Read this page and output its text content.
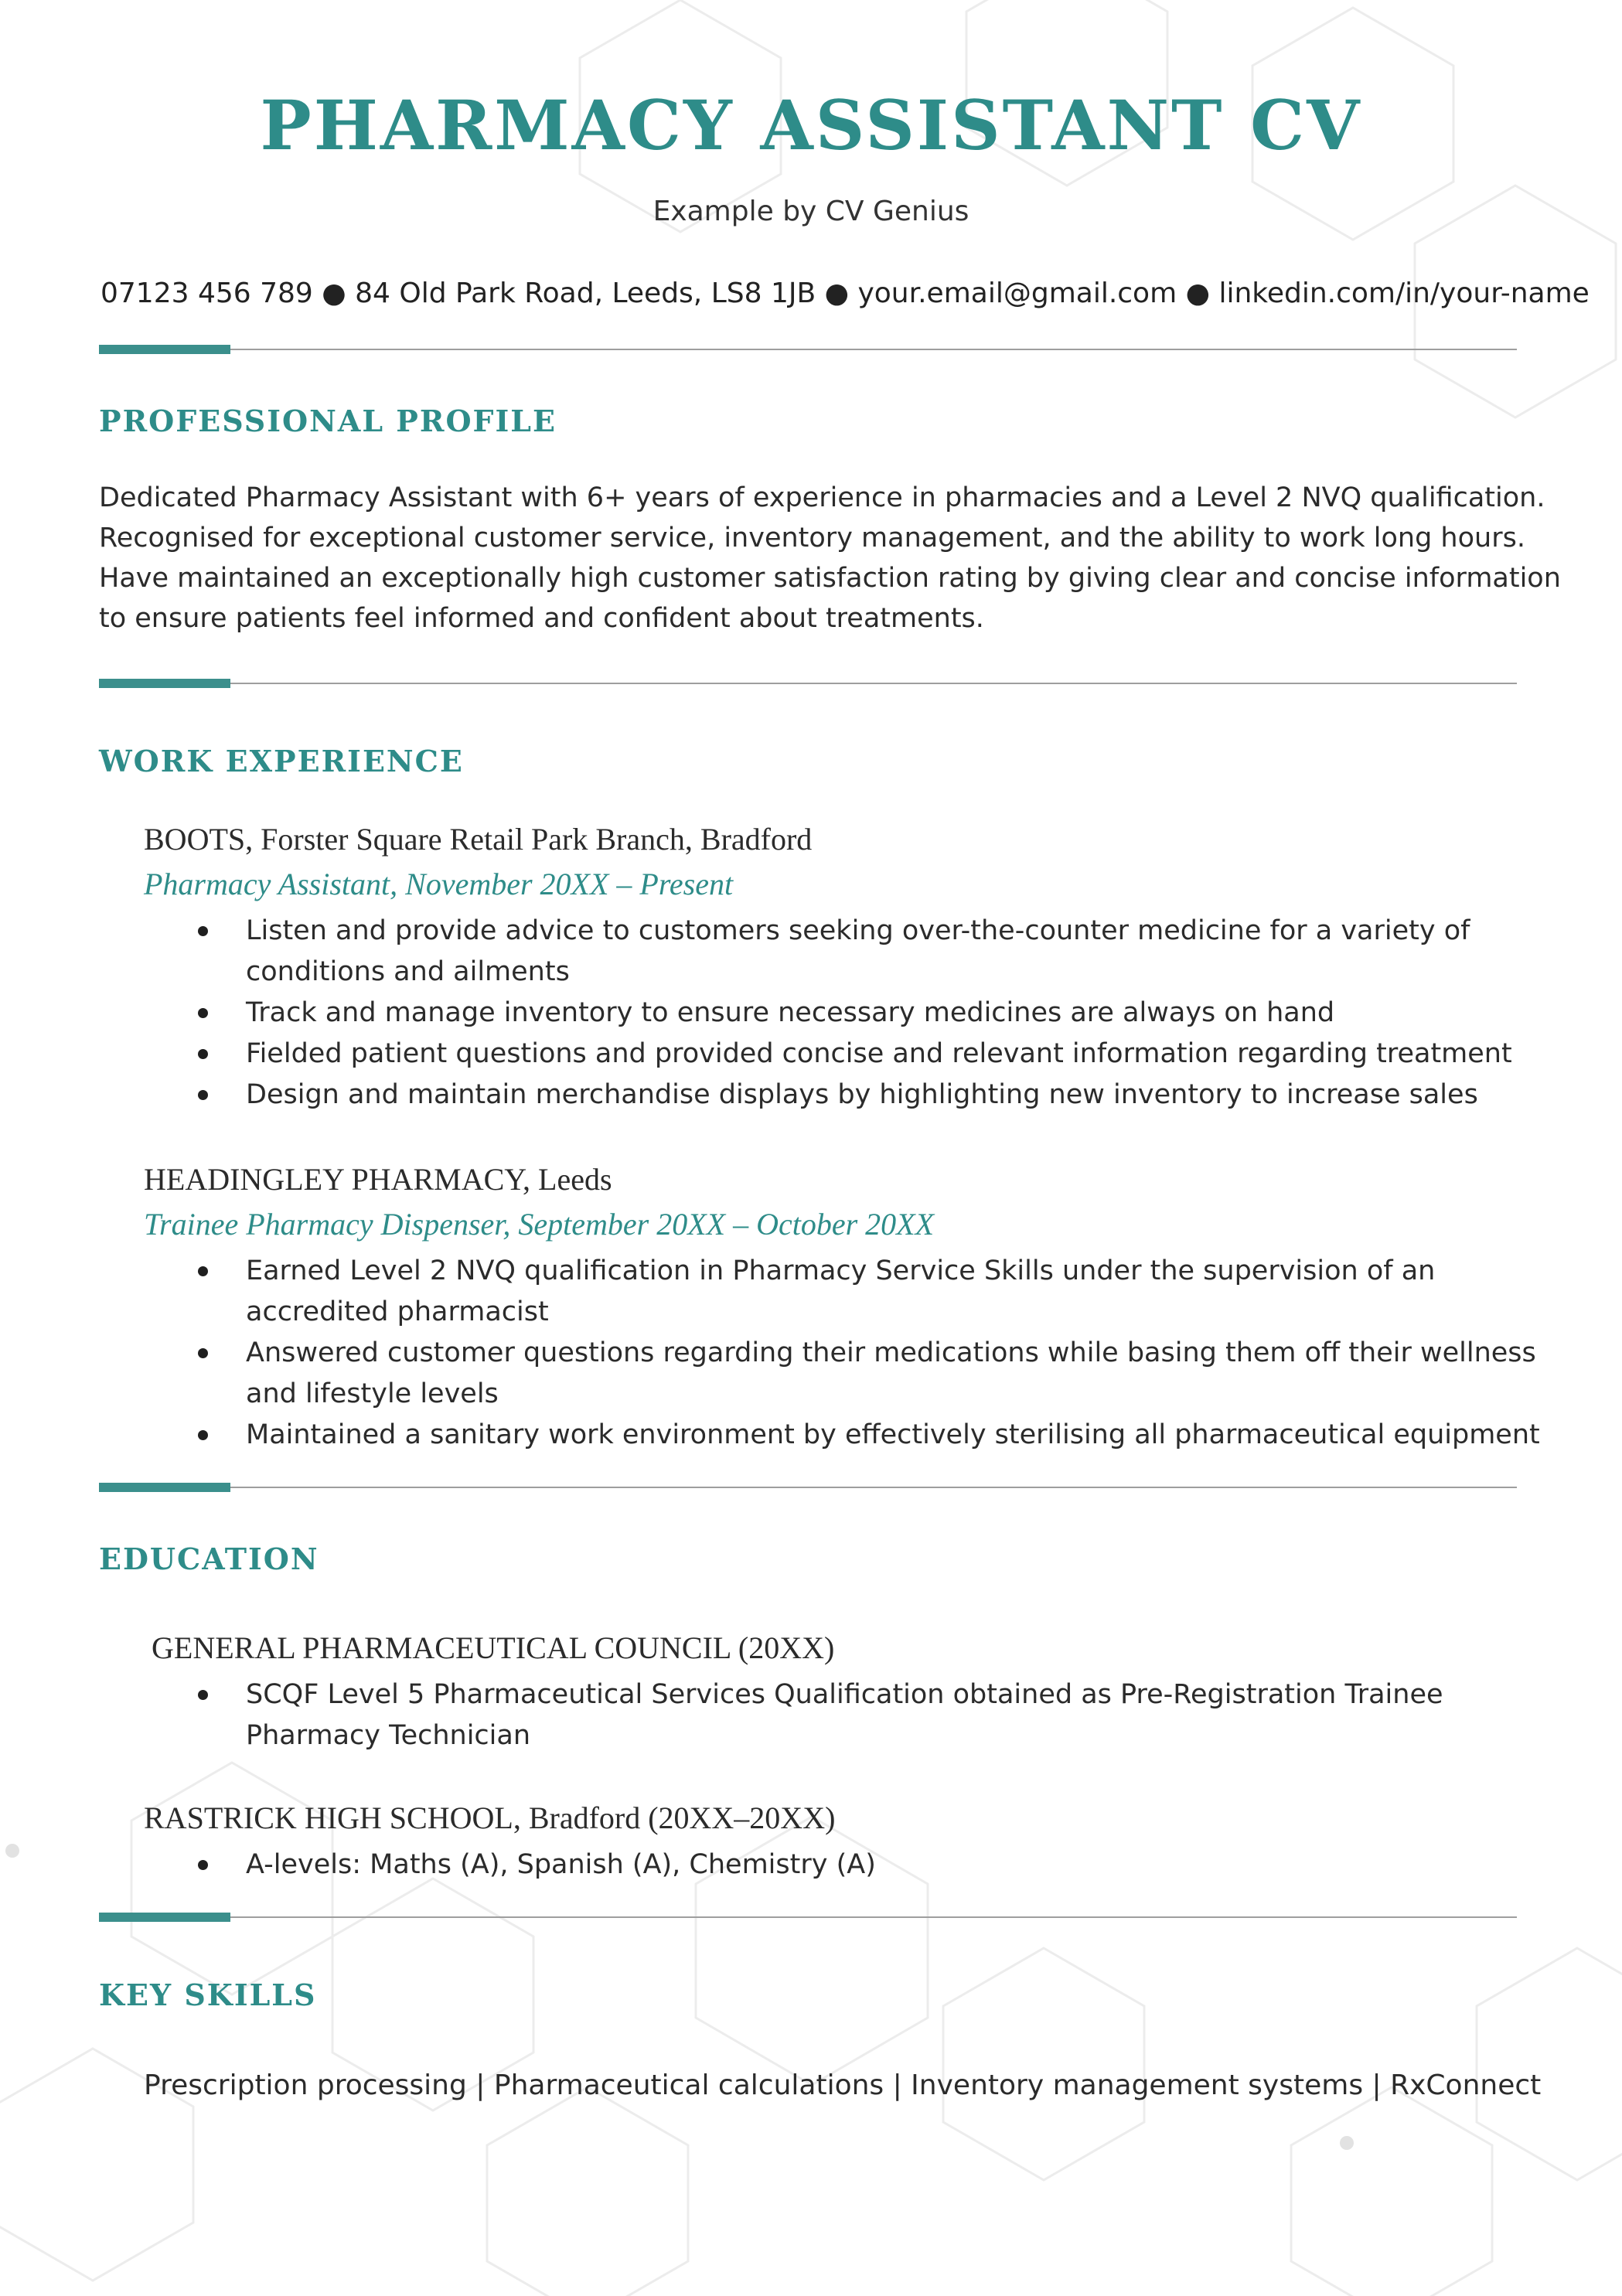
PHARMACY ASSISTANT CV
Example by CV Genius
07123 456 789 ● 84 Old Park Road, Leeds, LS8 1JB ● your.email@gmail.com ● linkedin.com/in/your-name
PROFESSIONAL PROFILE
Dedicated Pharmacy Assistant with 6+ years of experience in pharmacies and a Level 2 NVQ qualification.
Recognised for exceptional customer service, inventory management, and the ability to work long hours.
Have maintained an exceptionally high customer satisfaction rating by giving clear and concise information
to ensure patients feel informed and confident about treatments.
WORK EXPERIENCE
BOOTS, Forster Square Retail Park Branch, Bradford
Pharmacy Assistant, November 20XX – Present
Listen and provide advice to customers seeking over-the-counter medicine for a variety of
conditions and ailments
Track and manage inventory to ensure necessary medicines are always on hand
Fielded patient questions and provided concise and relevant information regarding treatment
Design and maintain merchandise displays by highlighting new inventory to increase sales
HEADINGLEY PHARMACY, Leeds
Trainee Pharmacy Dispenser, September 20XX – October 20XX
Earned Level 2 NVQ qualification in Pharmacy Service Skills under the supervision of an
accredited pharmacist
Answered customer questions regarding their medications while basing them off their wellness
and lifestyle levels
Maintained a sanitary work environment by effectively sterilising all pharmaceutical equipment
EDUCATION
GENERAL PHARMACEUTICAL COUNCIL (20XX)
SCQF Level 5 Pharmaceutical Services Qualification obtained as Pre-Registration Trainee
Pharmacy Technician
RASTRICK HIGH SCHOOL, Bradford (20XX–20XX)
A-levels: Maths (A), Spanish (A), Chemistry (A)
KEY SKILLS
Prescription processing | Pharmaceutical calculations | Inventory management systems | RxConnect
